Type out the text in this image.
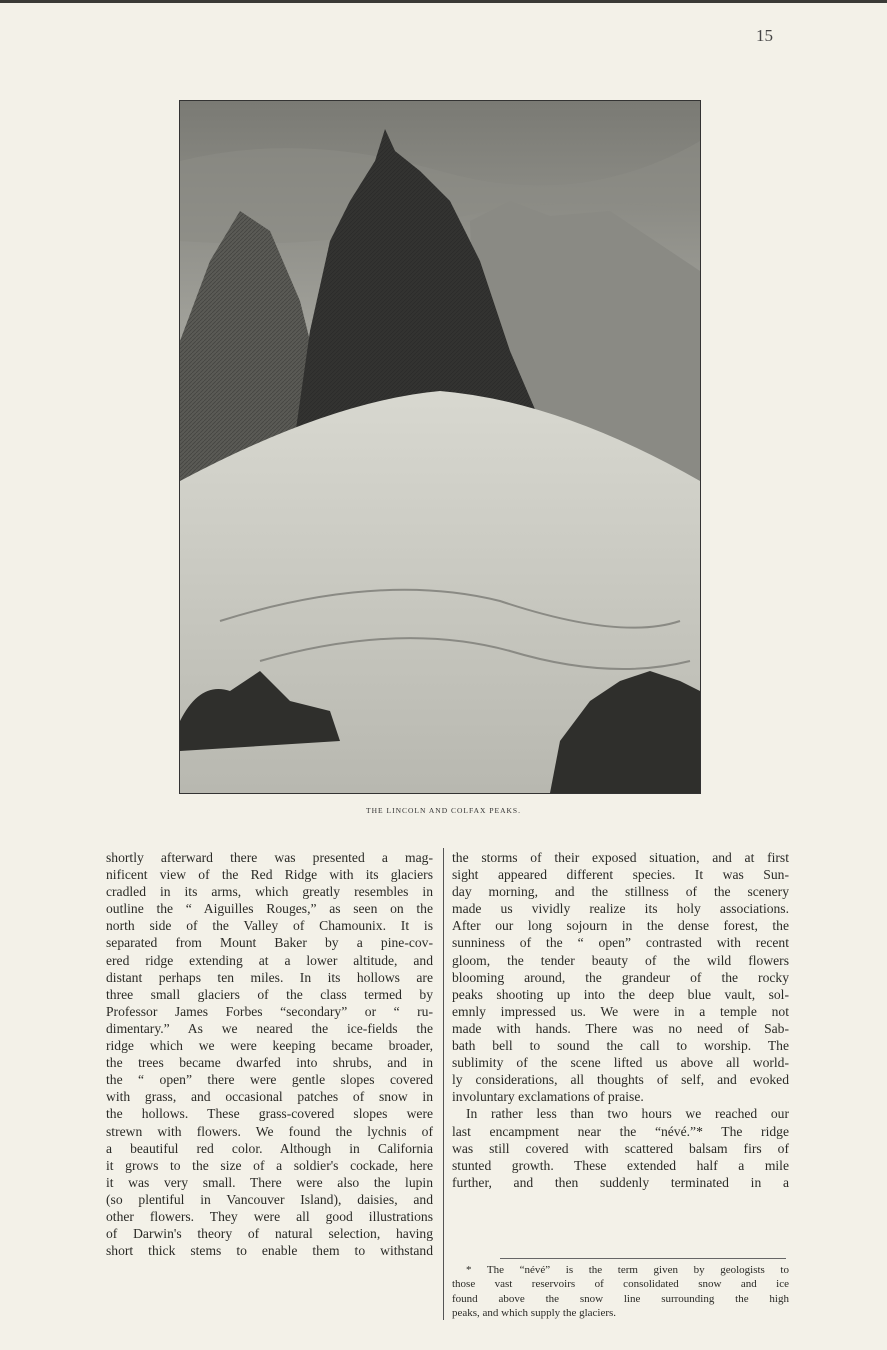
15
THE LINCOLN AND COLFAX PEAKS.
shortly afterward there was presented a mag-
nificent view of the Red Ridge with its glaciers
cradled in its arms, which greatly resembles in
outline the “ Aiguilles Rouges,” as seen on the
north side of the Valley of Chamounix. It is
separated from Mount Baker by a pine-cov-
ered ridge extending at a lower altitude, and
distant perhaps ten miles. In its hollows are
three small glaciers of the class termed by
Professor James Forbes “secondary” or “ ru-
dimentary.” As we neared the ice-fields the
ridge which we were keeping became broader,
the trees became dwarfed into shrubs, and in
the “ open” there were gentle slopes covered
with grass, and occasional patches of snow in
the hollows. These grass-covered slopes were
strewn with flowers. We found the lychnis of
a beautiful red color. Although in California
it grows to the size of a soldier's cockade, here
it was very small. There were also the lupin
(so plentiful in Vancouver Island), daisies, and
other flowers. They were all good illustrations
of Darwin's theory of natural selection, having
short thick stems to enable them to withstand
the storms of their exposed situation, and at first
sight appeared different species. It was Sun-
day morning, and the stillness of the scenery
made us vividly realize its holy associations.
After our long sojourn in the dense forest, the
sunniness of the “ open” contrasted with recent
gloom, the tender beauty of the wild flowers
blooming around, the grandeur of the rocky
peaks shooting up into the deep blue vault, sol-
emnly impressed us. We were in a temple not
made with hands. There was no need of Sab-
bath bell to sound the call to worship. The
sublimity of the scene lifted us above all world-
ly considerations, all thoughts of self, and evoked
involuntary exclamations of praise.
In rather less than two hours we reached our
last encampment near the “névé.”* The ridge
was still covered with scattered balsam firs of
stunted growth. These extended half a mile
further, and then suddenly terminated in a
* The “névé” is the term given by geologists to
those vast reservoirs of consolidated snow and ice
found above the snow line surrounding the high
peaks, and which supply the glaciers.
